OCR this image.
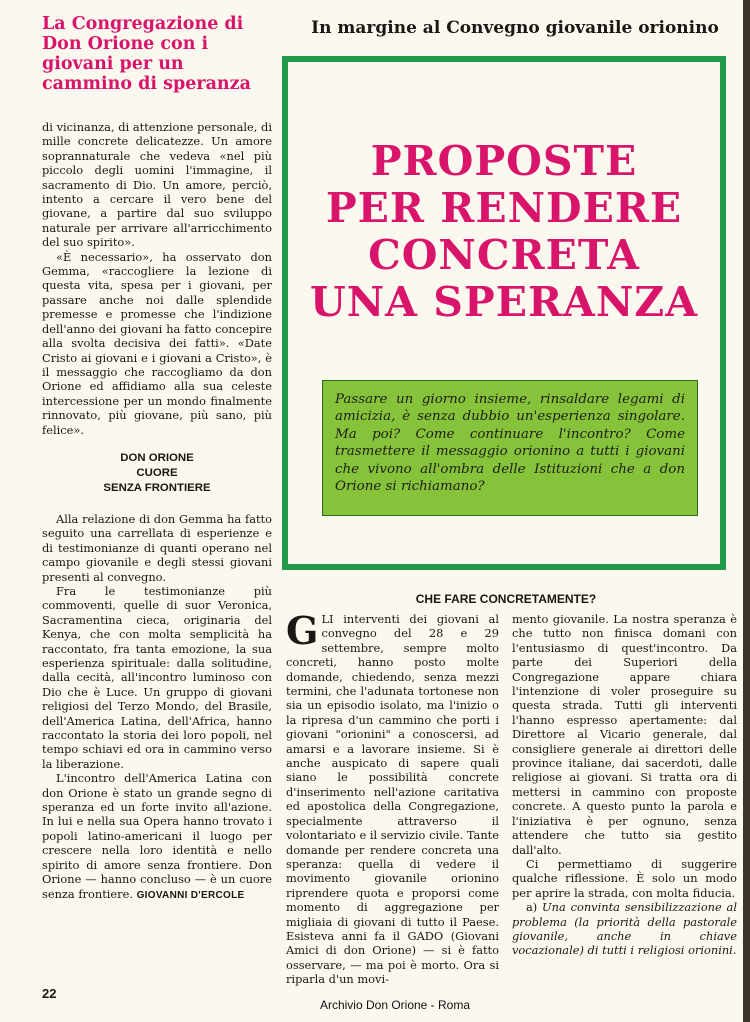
La Congregazione di Don Orione con i giovani per un cammino di speranza
In margine al Convegno giovanile orionino

di vicinanza, di attenzione personale, di mille concrete delicatezze. Un amore soprannaturale che vedeva «nel più piccolo degli uomini l'immagine, il sacramento di Dio. Un amore, perciò, intento a cercare il vero bene del giovane, a partire dal suo sviluppo naturale per arrivare all'arricchimento del suo spirito».

«È necessario», ha osservato don Gemma, «raccogliere la lezione di questa vita, spesa per i giovani, per passare anche noi dalle splendide premesse e promesse che l'indizione dell'anno dei giovani ha fatto concepire alla svolta decisiva dei fatti». «Date Cristo ai giovani e i giovani a Cristo», è il messaggio che raccogliamo da don Orione ed affidiamo alla sua celeste intercessione per un mondo finalmente rinnovato, più giovane, più sano, più felice».

DON ORIONE
CUORE
SENZA FRONTIERE

Alla relazione di don Gemma ha fatto seguito una carrellata di esperienze e di testimonianze di quanti operano nel campo giovanile e degli stessi giovani presenti al convegno.

Fra le testimonianze più commoventi, quelle di suor Veronica, Sacramentina cieca, originaria del Kenya, che con molta semplicità ha raccontato, fra tanta emozione, la sua esperienza spirituale: dalla solitudine, dalla cecità, all'incontro luminoso con Dio che è Luce. Un gruppo di giovani religiosi del Terzo Mondo, del Brasile, dell'America Latina, dell'Africa, hanno raccontato la storia dei loro popoli, nel tempo schiavi ed ora in cammino verso la liberazione.

L'incontro dell'America Latina con don Orione è stato un grande segno di speranza ed un forte invito all'azione. In lui e nella sua Opera hanno trovato i popoli latino-americani il luogo per crescere nella loro identità e nello spirito di amore senza frontiere. Don Orione — hanno concluso — è un cuore senza frontiere. GIOVANNI D'ERCOLE

PROPOSTE
PER RENDERE
CONCRETA
UNA SPERANZA
Passare un giorno insieme, rinsaldare legami di amicizia, è senza dubbio un'esperienza singolare. Ma poi? Come continuare l'incontro? Come trasmettere il messaggio orionino a tutti i giovani che vivono all'ombra delle Istituzioni che a don Orione si richiamano?
CHE FARE CONCRETAMENTE?

GLI interventi dei giovani al convegno del 28 e 29 settembre, sempre molto concreti, hanno posto molte domande, chiedendo, senza mezzi termini, che l'adunata tortonese non sia un episodio isolato, ma l'inizio o la ripresa d'un cammino che porti i giovani "orionini" a conoscersi, ad amarsi e a lavorare insieme. Si è anche auspicato di sapere quali siano le possibilità concrete d'inserimento nell'azione caritativa ed apostolica della Congregazione, specialmente attraverso il volontariato e il servizio civile. Tante domande per rendere concreta una speranza: quella di vedere il movimento giovanile orionino riprendere quota e proporsi come momento di aggregazione per migliaia di giovani di tutto il Paese. Esisteva anni fa il GADO (Giovani Amici di don Orione) — si è fatto osservare, — ma poi è morto. Ora si riparla d'un movi-

mento giovanile. La nostra speranza è che tutto non finisca domani con l'entusiasmo di quest'incontro. Da parte dei Superiori della Congregazione appare chiara l'intenzione di voler proseguire su questa strada. Tutti gli interventi l'hanno espresso apertamente: dal Direttore al Vicario generale, dal consigliere generale ai direttori delle province italiane, dai sacerdoti, dalle religiose ai giovani. Si tratta ora di mettersi in cammino con proposte concrete. A questo punto la parola e l'iniziativa è per ognuno, senza attendere che tutto sia gestito dall'alto.

Ci permettiamo di suggerire qualche riflessione. È solo un modo per aprire la strada, con molta fiducia.

a) Una convinta sensibilizzazione al problema (la priorità della pastorale giovanile, anche in chiave vocazionale) di tutti i religiosi orionini.

22
Archivio Don Orione - Roma
